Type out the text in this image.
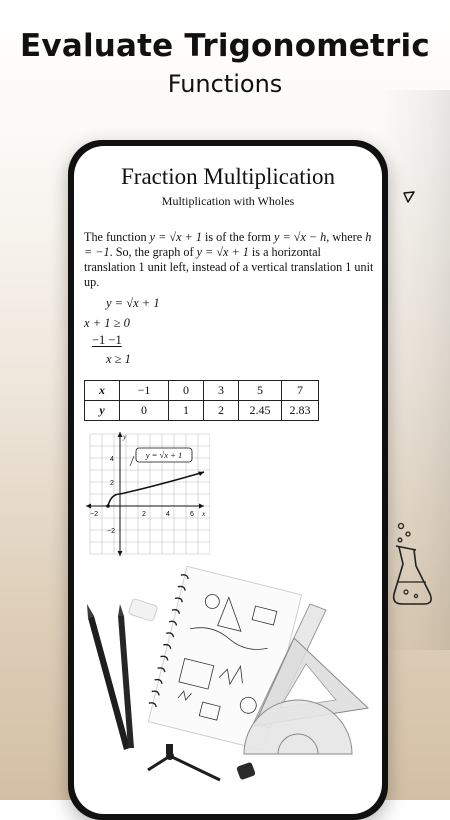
Evaluate Trigonometric
Functions
Fraction Multiplication
Multiplication with Wholes
The function y = √x + 1 is of the form y = √x − h, where h = −1. So, the graph of y = √x + 1 is a horizontal translation 1 unit left, instead of a vertical translation 1 unit up.
y = √x + 1
x + 1 ≥ 0
−1 −1
x ≥ 1
x	−1	0	3	5	7
y	0	1	2	2.45	2.83
y = √x + 1
y
x
−2	2	4	6
4
2
−2
